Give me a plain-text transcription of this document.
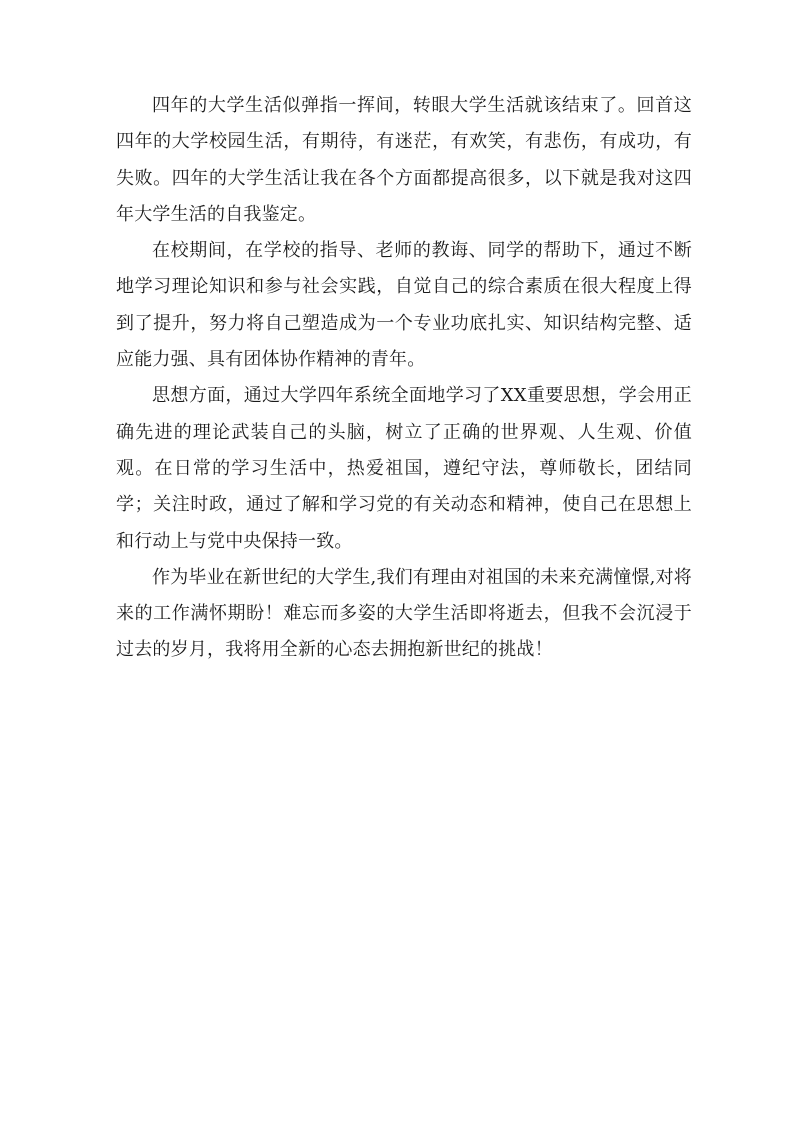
四年的大学生活似弹指一挥间，转眼大学生活就该结束了。回首这四年的大学校园生活，有期待，有迷茫，有欢笑，有悲伤，有成功，有失败。四年的大学生活让我在各个方面都提高很多，以下就是我对这四年大学生活的自我鉴定。

在校期间，在学校的指导、老师的教诲、同学的帮助下，通过不断地学习理论知识和参与社会实践，自觉自己的综合素质在很大程度上得到了提升，努力将自己塑造成为一个专业功底扎实、知识结构完整、适应能力强、具有团体协作精神的青年。

思想方面，通过大学四年系统全面地学习了XX重要思想，学会用正确先进的理论武装自己的头脑，树立了正确的世界观、人生观、价值观。在日常的学习生活中，热爱祖国，遵纪守法，尊师敬长，团结同学；关注时政，通过了解和学习党的有关动态和精神，使自己在思想上和行动上与党中央保持一致。

作为毕业在新世纪的大学生,我们有理由对祖国的未来充满憧憬,对将来的工作满怀期盼！难忘而多姿的大学生活即将逝去，但我不会沉浸于过去的岁月，我将用全新的心态去拥抱新世纪的挑战！
